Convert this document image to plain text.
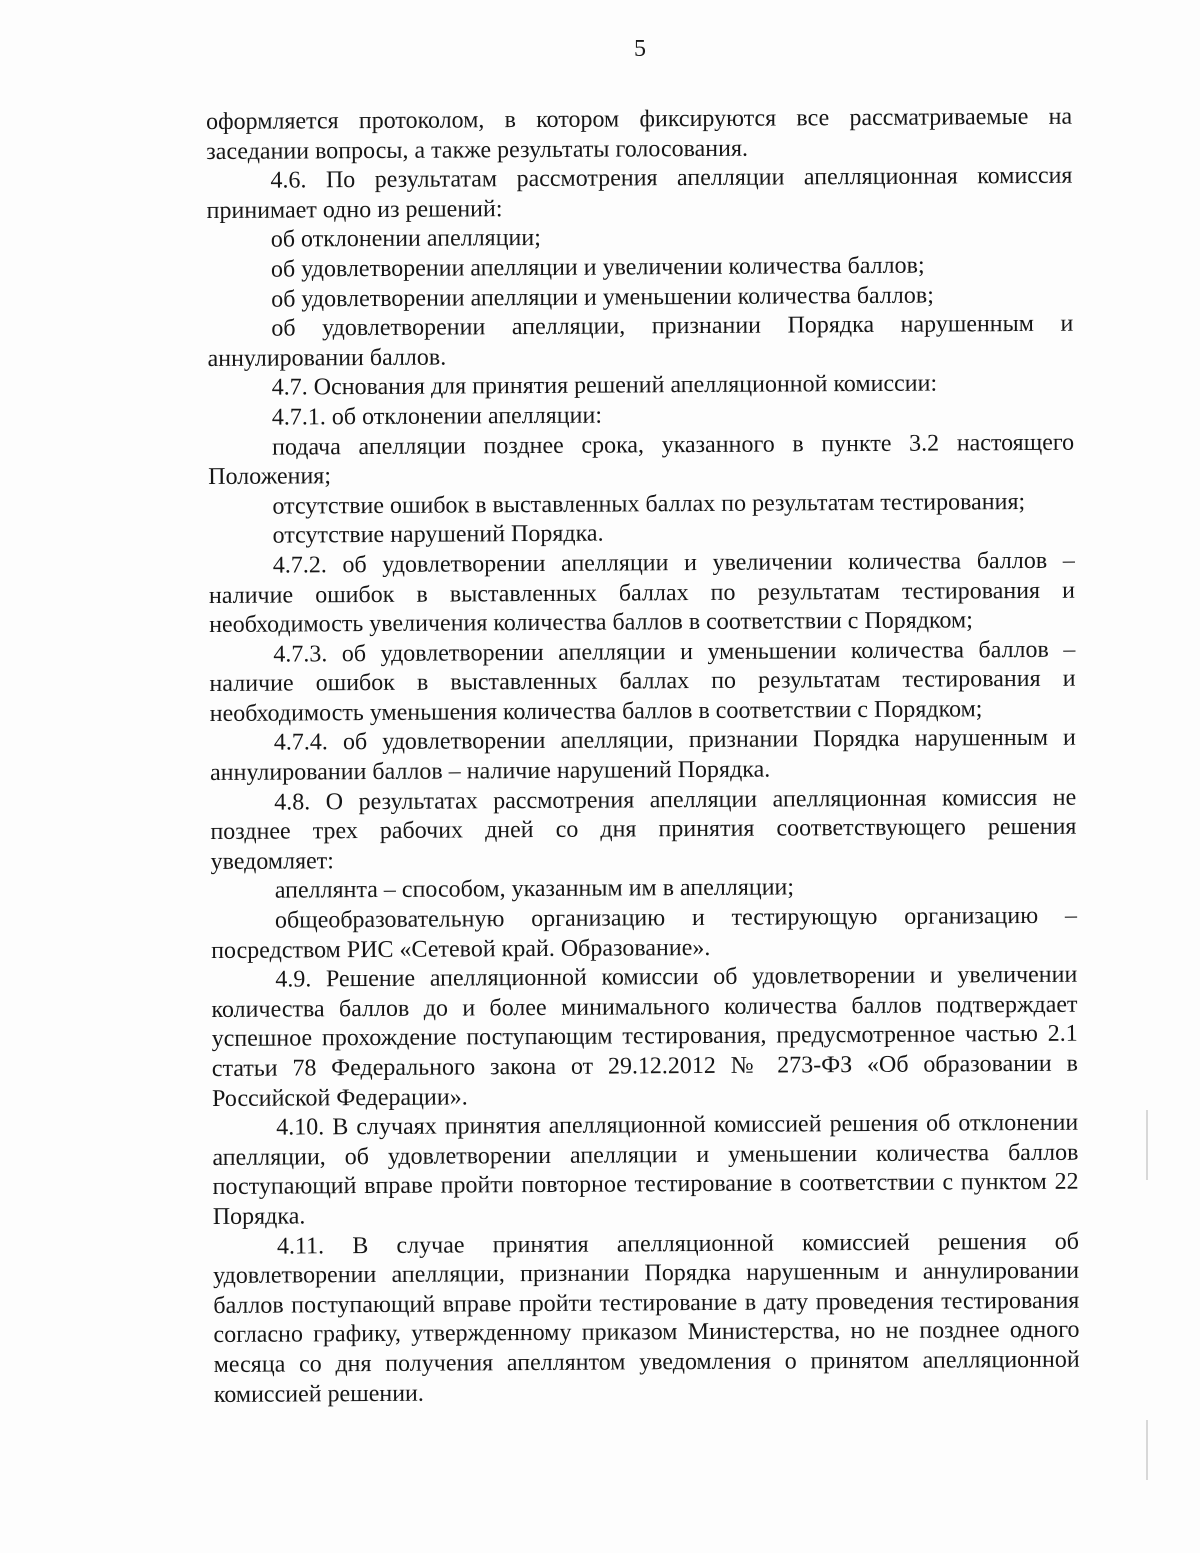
5

оформляется протоколом, в котором фиксируются все рассматриваемые на заседании вопросы, а также результаты голосования.

4.6. По результатам рассмотрения апелляции апелляционная комиссия принимает одно из решений:

об отклонении апелляции;

об удовлетворении апелляции и увеличении количества баллов;

об удовлетворении апелляции и уменьшении количества баллов;

об удовлетворении апелляции, признании Порядка нарушенным и аннулировании баллов.

4.7. Основания для принятия решений апелляционной комиссии:

4.7.1. об отклонении апелляции:

подача апелляции позднее срока, указанного в пункте 3.2 настоящего Положения;

отсутствие ошибок в выставленных баллах по результатам тестирования;

отсутствие нарушений Порядка.

4.7.2. об удовлетворении апелляции и увеличении количества баллов – наличие ошибок в выставленных баллах по результатам тестирования и необходимость увеличения количества баллов в соответствии с Порядком;

4.7.3. об удовлетворении апелляции и уменьшении количества баллов – наличие ошибок в выставленных баллах по результатам тестирования и необходимость уменьшения количества баллов в соответствии с Порядком;

4.7.4. об удовлетворении апелляции, признании Порядка нарушенным и аннулировании баллов – наличие нарушений Порядка.

4.8. О результатах рассмотрения апелляции апелляционная комиссия не позднее трех рабочих дней со дня принятия соответствующего решения уведомляет:

апеллянта – способом, указанным им в апелляции;

общеобразовательную организацию и тестирующую организацию – посредством РИС «Сетевой край. Образование».

4.9. Решение апелляционной комиссии об удовлетворении и увеличении количества баллов до и более минимального количества баллов подтверждает успешное прохождение поступающим тестирования, предусмотренное частью 2.1 статьи 78 Федерального закона от 29.12.2012 № 273-ФЗ «Об образовании в Российской Федерации».

4.10. В случаях принятия апелляционной комиссией решения об отклонении апелляции, об удовлетворении апелляции и уменьшении количества баллов поступающий вправе пройти повторное тестирование в соответствии с пунктом 22 Порядка.

4.11. В случае принятия апелляционной комиссией решения об удовлетворении апелляции, признании Порядка нарушенным и аннулировании баллов поступающий вправе пройти тестирование в дату проведения тестирования согласно графику, утвержденному приказом Министерства, но не позднее одного месяца со дня получения апеллянтом уведомления о принятом апелляционной комиссией решении.
